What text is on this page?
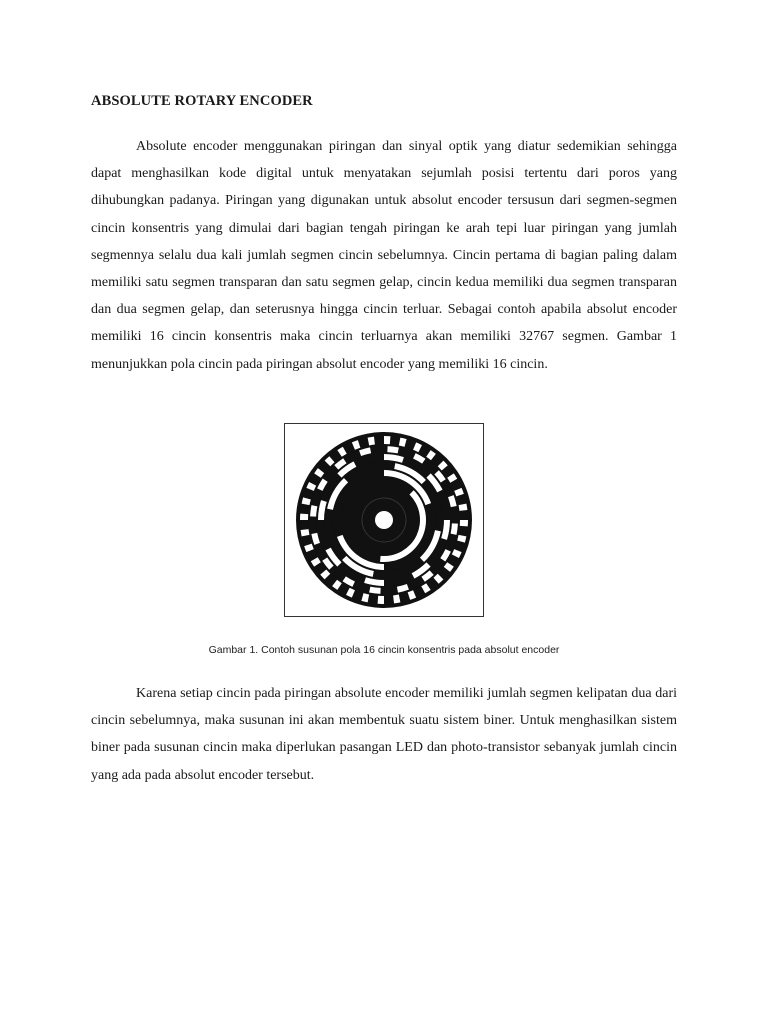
ABSOLUTE ROTARY ENCODER

Absolute encoder menggunakan piringan dan sinyal optik yang diatur sedemikian sehingga dapat menghasilkan kode digital untuk menyatakan sejumlah posisi tertentu dari poros yang dihubungkan padanya. Piringan yang digunakan untuk absolut encoder tersusun dari segmen-segmen cincin konsentris yang dimulai dari bagian tengah piringan ke arah tepi luar piringan yang jumlah segmennya selalu dua kali jumlah segmen cincin sebelumnya. Cincin pertama di bagian paling dalam memiliki satu segmen transparan dan satu segmen gelap, cincin kedua memiliki dua segmen transparan dan dua segmen gelap, dan seterusnya hingga cincin terluar. Sebagai contoh apabila absolut encoder memiliki 16 cincin konsentris maka cincin terluarnya akan memiliki 32767 segmen. Gambar 1 menunjukkan pola cincin pada piringan absolut encoder yang memiliki 16 cincin.

Gambar 1. Contoh susunan pola 16 cincin konsentris pada absolut encoder

Karena setiap cincin pada piringan absolute encoder memiliki jumlah segmen kelipatan dua dari cincin sebelumnya, maka susunan ini akan membentuk suatu sistem biner. Untuk menghasilkan sistem biner pada susunan cincin maka diperlukan pasangan LED dan photo-transistor sebanyak jumlah cincin yang ada pada absolut encoder tersebut.
